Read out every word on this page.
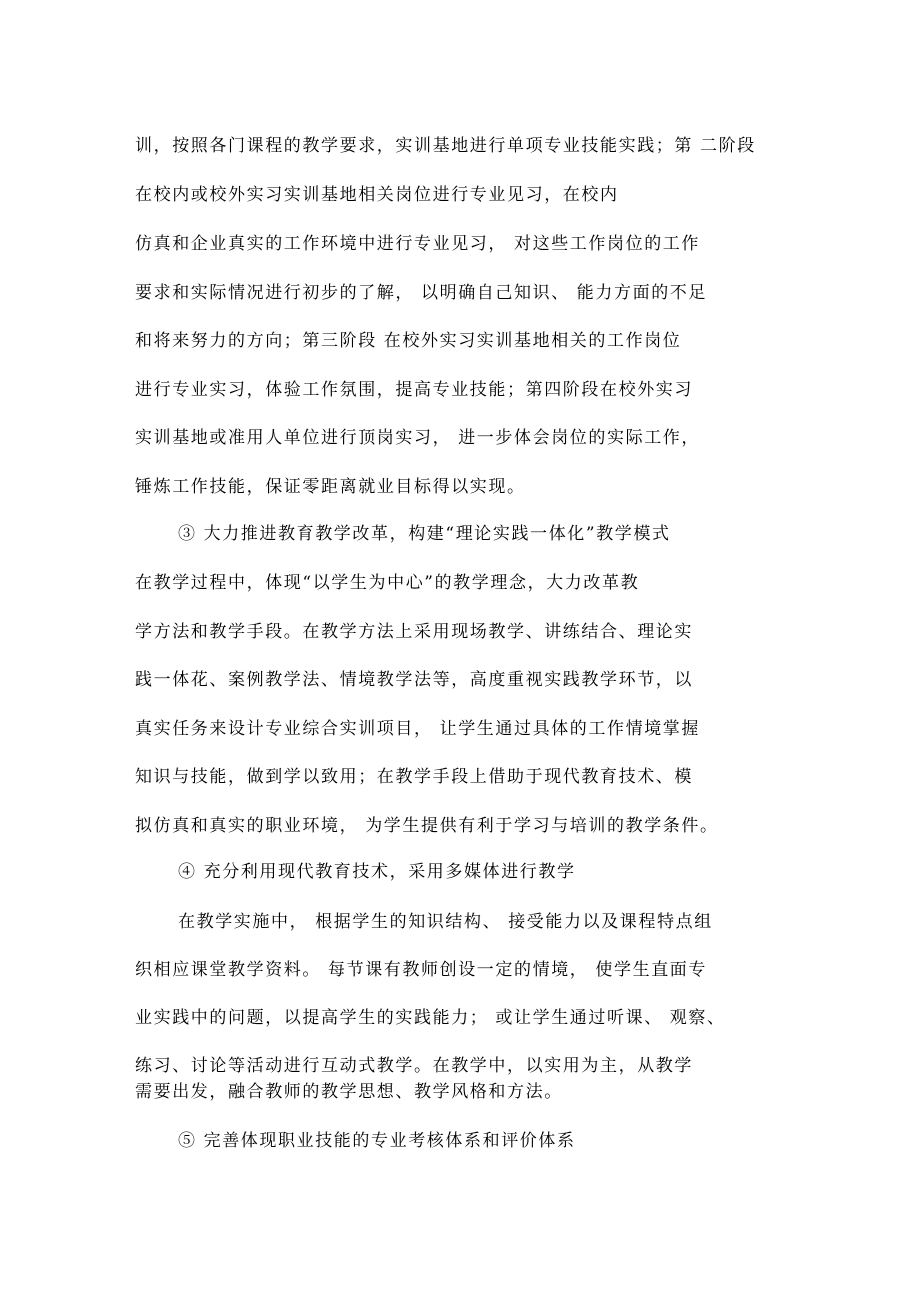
训，按照各门课程的教学要求，实训基地进行单项专业技能实践；第 二阶段
在校内或校外实习实训基地相关岗位进行专业见习，在校内
仿真和企业真实的工作环境中进行专业见习， 对这些工作岗位的工作
要求和实际情况进行初步的了解， 以明确自己知识、 能力方面的不足
和将来努力的方向；第三阶段 在校外实习实训基地相关的工作岗位
进行专业实习，体验工作氛围，提高专业技能；第四阶段在校外实习
实训基地或准用人单位进行顶岗实习， 进一步体会岗位的实际工作，
锤炼工作技能，保证零距离就业目标得以实现。
③ 大力推进教育教学改革，构建“理论实践一体化”教学模式
在教学过程中，体现“以学生为中心”的教学理念，大力改革教
学方法和教学手段。在教学方法上采用现场教学、讲练结合、理论实
践一体花、案例教学法、情境教学法等，高度重视实践教学环节，以
真实任务来设计专业综合实训项目， 让学生通过具体的工作情境掌握
知识与技能，做到学以致用；在教学手段上借助于现代教育技术、模
拟仿真和真实的职业环境， 为学生提供有利于学习与培训的教学条件。
④ 充分利用现代教育技术，采用多媒体进行教学
在教学实施中， 根据学生的知识结构、 接受能力以及课程特点组
织相应课堂教学资料。 每节课有教师创设一定的情境， 使学生直面专
业实践中的问题，以提高学生的实践能力； 或让学生通过听课、 观察、
练习、讨论等活动进行互动式教学。在教学中，以实用为主，从教学
需要出发，融合教师的教学思想、教学风格和方法。
⑤ 完善体现职业技能的专业考核体系和评价体系
